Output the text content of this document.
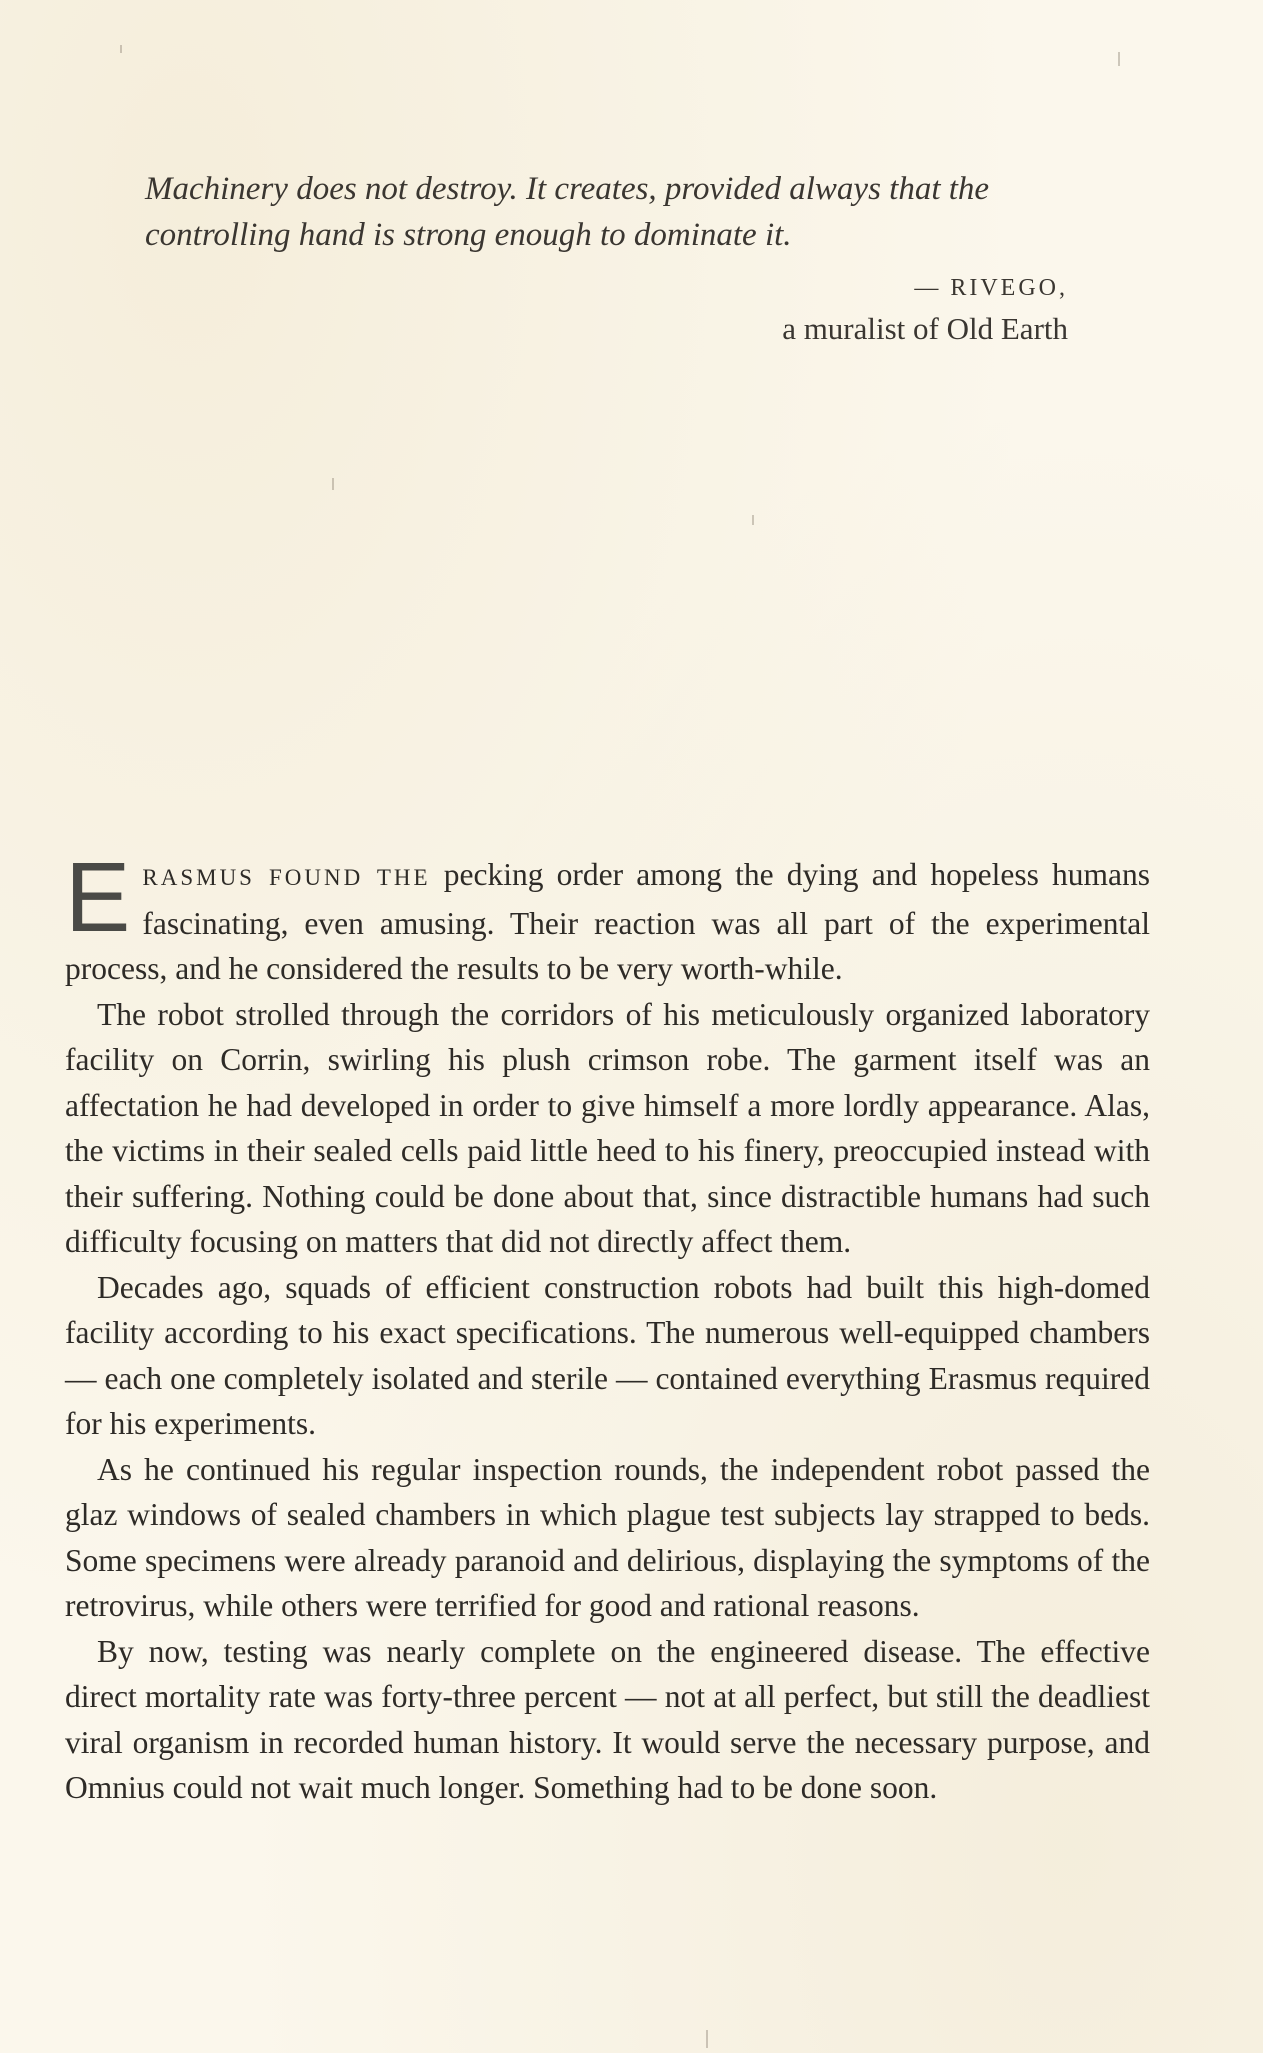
Machinery does not destroy. It creates, provided always that the

controlling hand is strong enough to dominate it.

— RIVEGO,
a muralist of Old Earth

ERASMUS FOUND THE pecking order among the dying and hopeless humans fascinating, even amusing. Their reaction was all part of the experimental process, and he considered the results to be very worth-while.

The robot strolled through the corridors of his meticulously organized laboratory facility on Corrin, swirling his plush crimson robe. The garment itself was an affectation he had developed in order to give himself a more lordly appearance. Alas, the victims in their sealed cells paid little heed to his finery, preoccupied instead with their suffering. Nothing could be done about that, since distractible humans had such difficulty focusing on matters that did not directly affect them.

Decades ago, squads of efficient construction robots had built this high-domed facility according to his exact specifications. The numerous well-equipped chambers — each one completely isolated and sterile — contained everything Erasmus required for his experiments.

As he continued his regular inspection rounds, the independent robot passed the glaz windows of sealed chambers in which plague test subjects lay strapped to beds. Some specimens were already paranoid and delirious, displaying the symptoms of the retrovirus, while others were terrified for good and rational reasons.

By now, testing was nearly complete on the engineered disease. The effective direct mortality rate was forty-three percent — not at all perfect, but still the deadliest viral organism in recorded human history. It would serve the necessary purpose, and Omnius could not wait much longer. Something had to be done soon.
